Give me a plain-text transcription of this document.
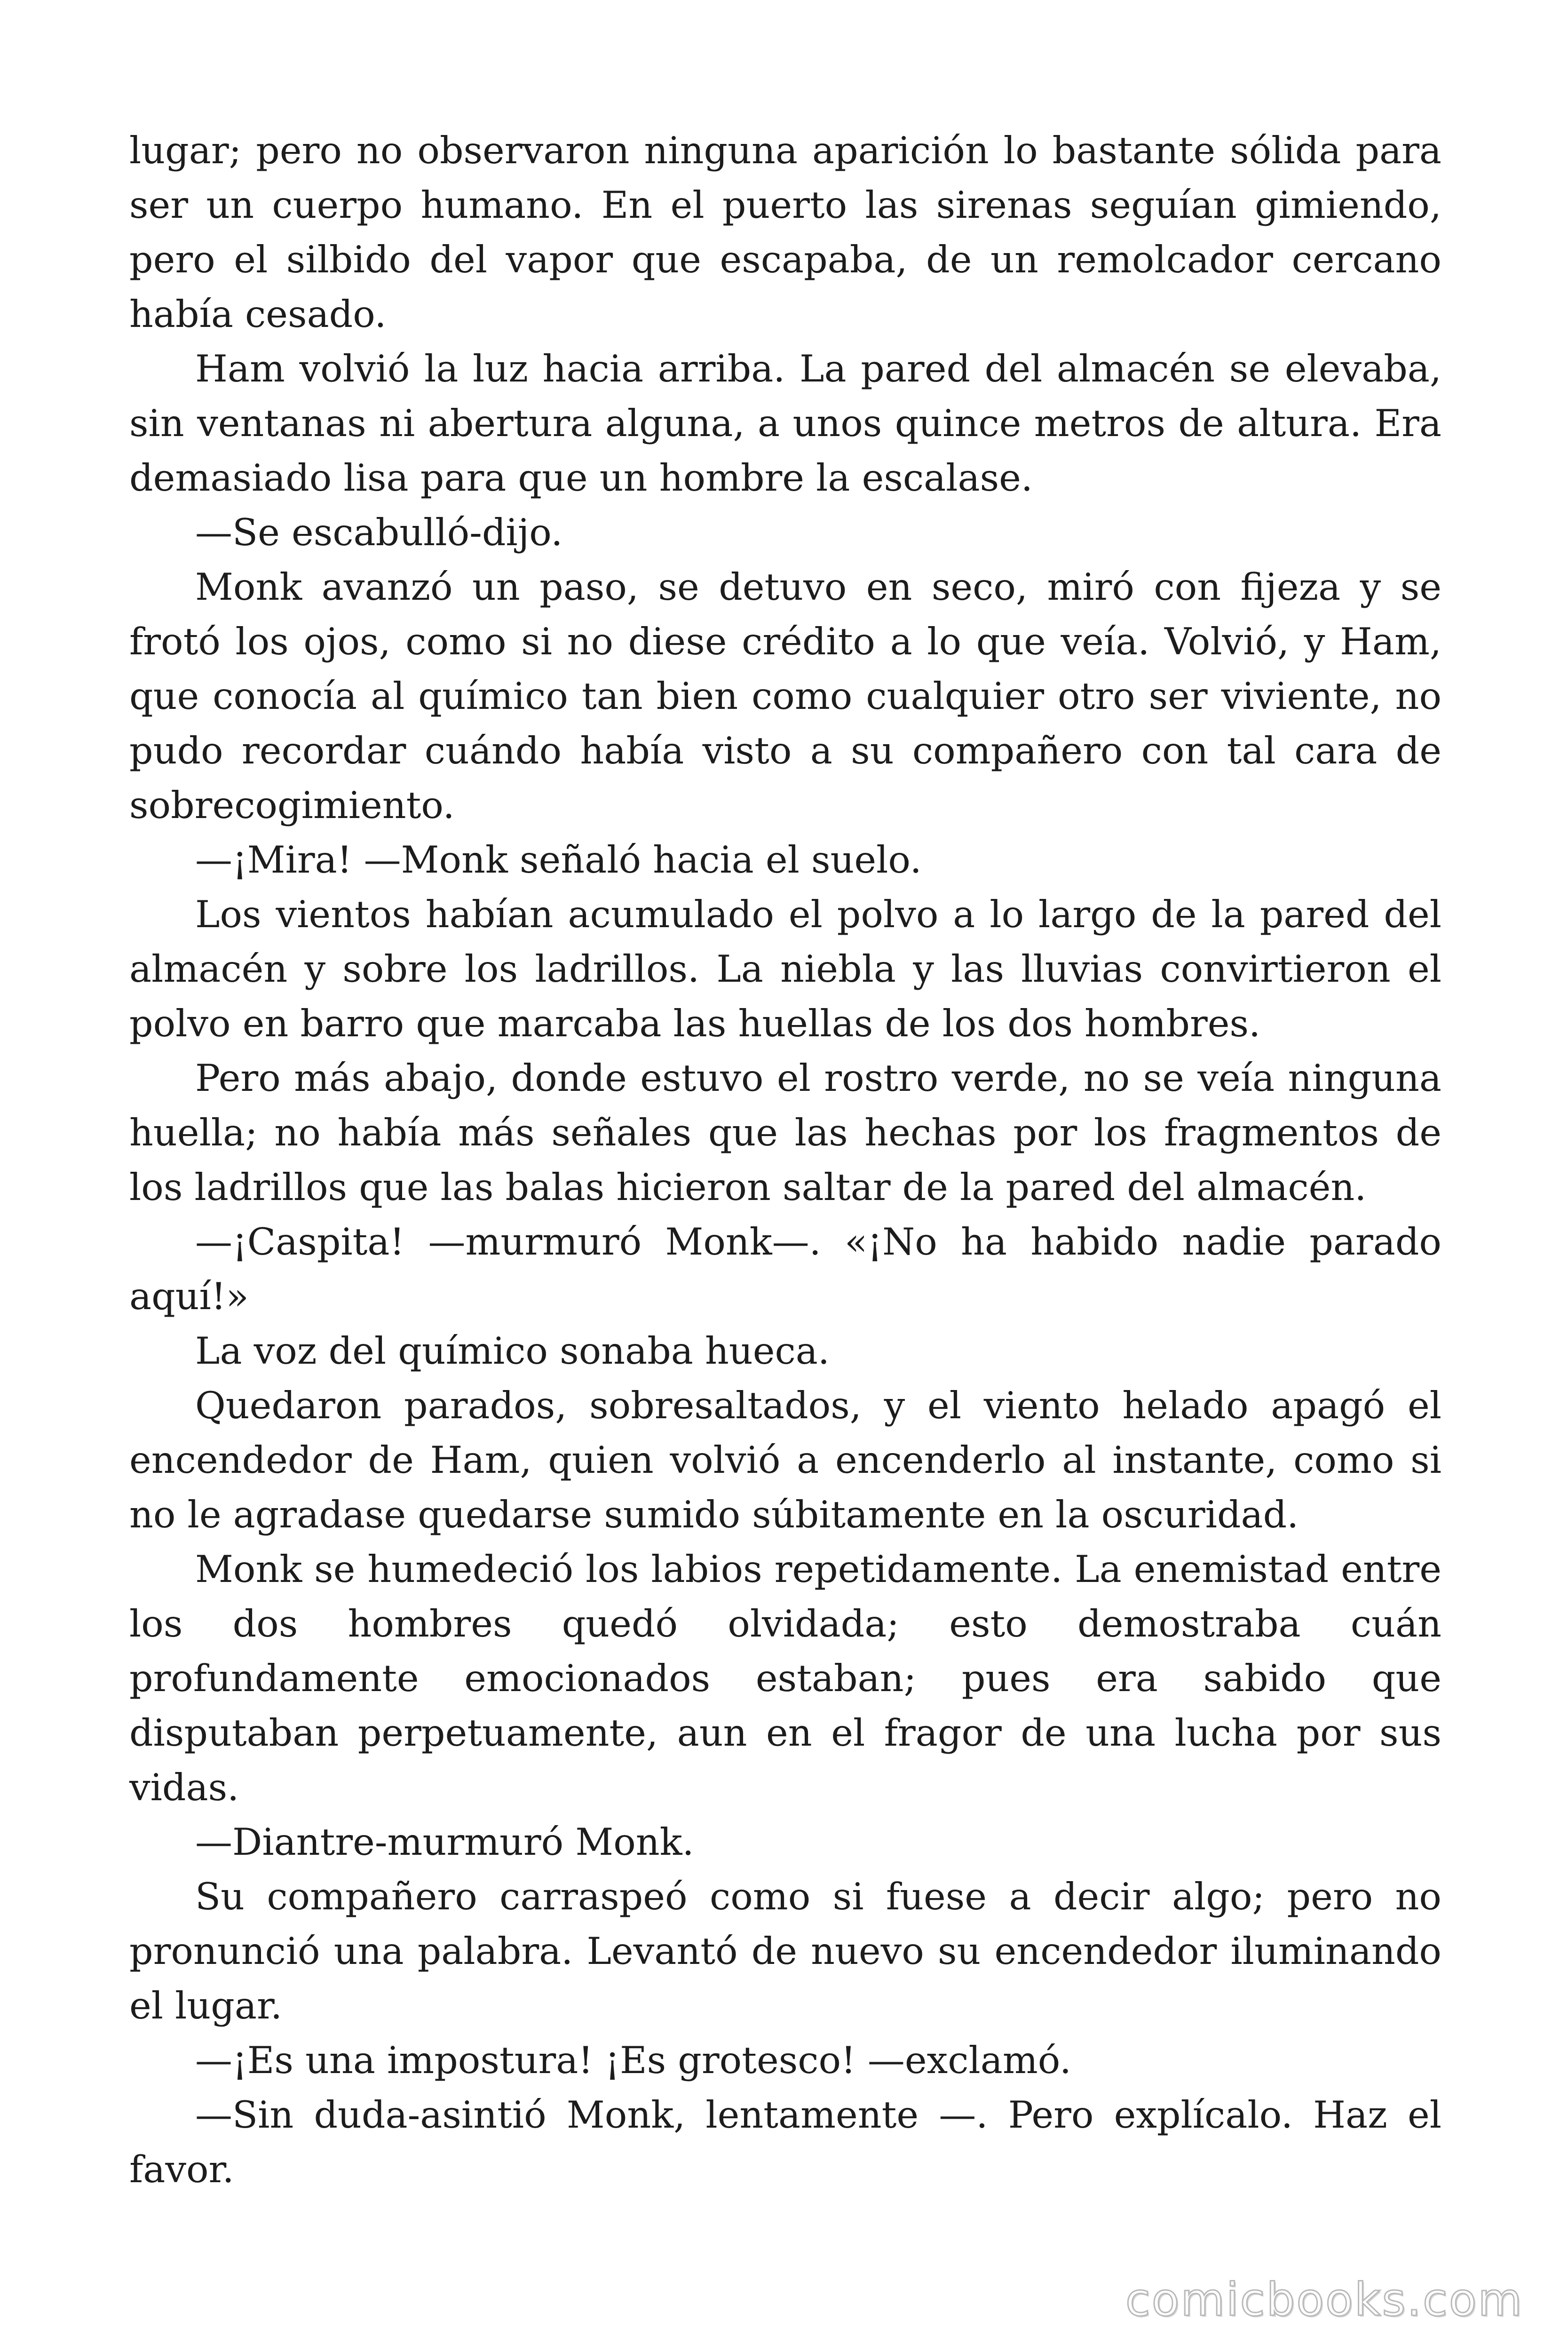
lugar; pero no observaron ninguna aparición lo bastante sólida para ser un cuerpo humano. En el puerto las sirenas seguían gimiendo, pero el silbido del vapor que escapaba, de un remolcador cercano había cesado.

Ham volvió la luz hacia arriba. La pared del almacén se elevaba, sin ventanas ni abertura alguna, a unos quince metros de altura. Era demasiado lisa para que un hombre la escalase.

—Se escabulló-dijo.

Monk avanzó un paso, se detuvo en seco, miró con fijeza y se frotó los ojos, como si no diese crédito a lo que veía. Volvió, y Ham, que conocía al químico tan bien como cualquier otro ser viviente, no pudo recordar cuándo había visto a su compañero con tal cara de sobrecogimiento.

—¡Mira! —Monk señaló hacia el suelo.

Los vientos habían acumulado el polvo a lo largo de la pared del almacén y sobre los ladrillos. La niebla y las lluvias convirtieron el polvo en barro que marcaba las huellas de los dos hombres.

Pero más abajo, donde estuvo el rostro verde, no se veía ninguna huella; no había más señales que las hechas por los fragmentos de los ladrillos que las balas hicieron saltar de la pared del almacén.

—¡Caspita! —murmuró Monk—. «¡No ha habido nadie parado aquí!»

La voz del químico sonaba hueca.

Quedaron parados, sobresaltados, y el viento helado apagó el encendedor de Ham, quien volvió a encenderlo al instante, como si no le agradase quedarse sumido súbitamente en la oscuridad.

Monk se humedeció los labios repetidamente. La enemistad entre los dos hombres quedó olvidada; esto demostraba cuán profundamente emocionados estaban; pues era sabido que disputaban perpetuamente, aun en el fragor de una lucha por sus vidas.

—Diantre-murmuró Monk.

Su compañero carraspeó como si fuese a decir algo; pero no pronunció una palabra. Levantó de nuevo su encendedor iluminando el lugar.

—¡Es una impostura! ¡Es grotesco! —exclamó.

—Sin duda-asintió Monk, lentamente —. Pero explícalo. Haz el favor.

comicbooks.com
